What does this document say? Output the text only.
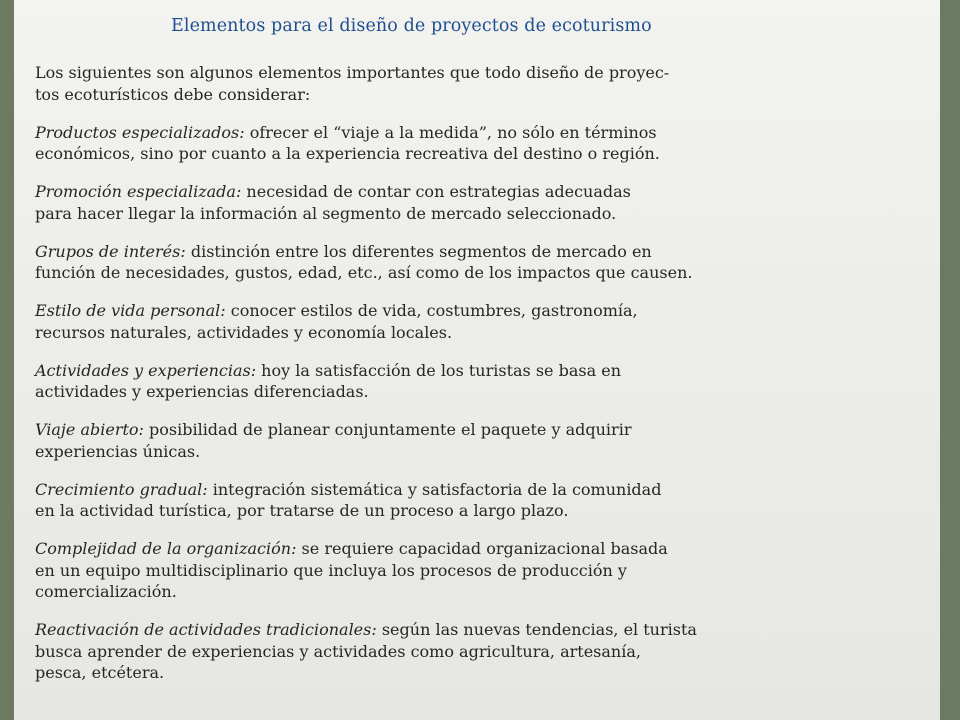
Elementos para el diseño de proyectos de ecoturismo

Los siguientes son algunos elementos importantes que todo diseño de proyec-
tos ecoturísticos debe considerar:

Productos especializados: ofrecer el “viaje a la medida”, no sólo en términos
económicos, sino por cuanto a la experiencia recreativa del destino o región.

Promoción especializada: necesidad de contar con estrategias adecuadas
para hacer llegar la información al segmento de mercado seleccionado.

Grupos de interés: distinción entre los diferentes segmentos de mercado en
función de necesidades, gustos, edad, etc., así como de los impactos que causen.

Estilo de vida personal: conocer estilos de vida, costumbres, gastronomía,
recursos naturales, actividades y economía locales.

Actividades y experiencias: hoy la satisfacción de los turistas se basa en
actividades y experiencias diferenciadas.

Viaje abierto: posibilidad de planear conjuntamente el paquete y adquirir
experiencias únicas.

Crecimiento gradual: integración sistemática y satisfactoria de la comunidad
en la actividad turística, por tratarse de un proceso a largo plazo.

Complejidad de la organización: se requiere capacidad organizacional basada
en un equipo multidisciplinario que incluya los procesos de producción y
comercialización.

Reactivación de actividades tradicionales: según las nuevas tendencias, el turista
busca aprender de experiencias y actividades como agricultura, artesanía,
pesca, etcétera.
